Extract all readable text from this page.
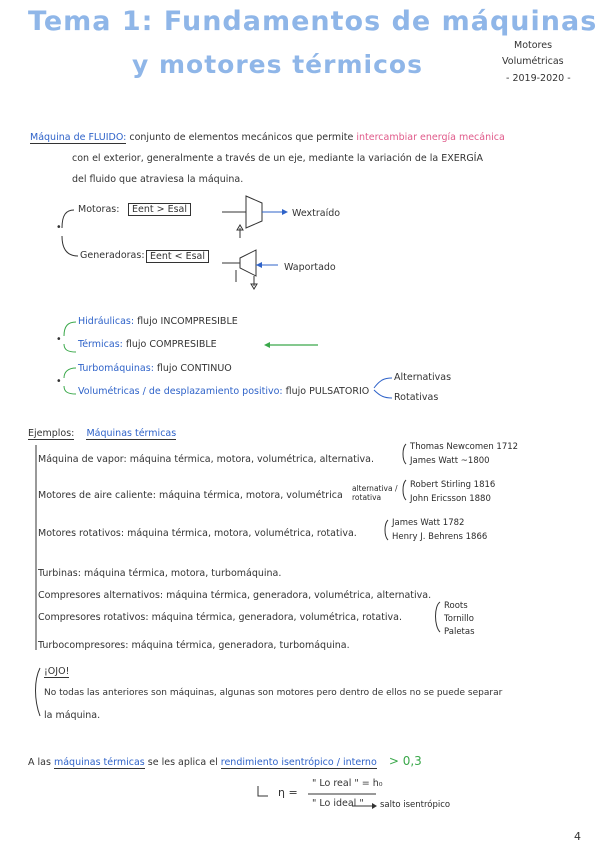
Tema 1: Fundamentos de máquinas
y motores térmicos
Motores
Volumétricas
- 2019-2020 -
Máquina de FLUIDO: conjunto de elementos mecánicos que permite intercambiar energía mecánica
con el exterior, generalmente a través de un eje, mediante la variación de la EXERGÍA
del fluido que atraviesa la máquina.
•
Motoras:	Eent > Esal	Wextraído
Generadoras: Eent < Esal
Waportado
•
Hidráulicas: flujo INCOMPRESIBLE
Térmicas: flujo COMPRESIBLE
•
Turbomáquinas: flujo CONTINUO
Volumétricas / de desplazamiento positivo: flujo PULSATORIO
Alternativas
Rotativas
Ejemplos: Máquinas térmicas
Máquina de vapor: máquina térmica, motora, volumétrica, alternativa.
Motores de aire caliente: máquina térmica, motora, volumétrica
alternativa / rotativa
Motores rotativos: máquina térmica, motora, volumétrica, rotativa.
Turbinas: máquina térmica, motora, turbomáquina.
Compresores alternativos: máquina térmica, generadora, volumétrica, alternativa.
Compresores rotativos: máquina térmica, generadora, volumétrica, rotativa.
Turbocompresores: máquina térmica, generadora, turbomáquina.
Thomas Newcomen 1712
James Watt ~1800
Robert Stirling 1816
John Ericsson 1880
James Watt 1782
Henry J. Behrens 1866
Roots
Tornillo
Paletas
¡OJO!
No todas las anteriores son máquinas, algunas son motores pero dentro de ellos no se puede separar
la máquina.
A las máquinas térmicas se les aplica el rendimiento isentrópico / interno > 0,3
η =
" Lo real " = h₀
" Lo ideal " salto isentrópico
4
